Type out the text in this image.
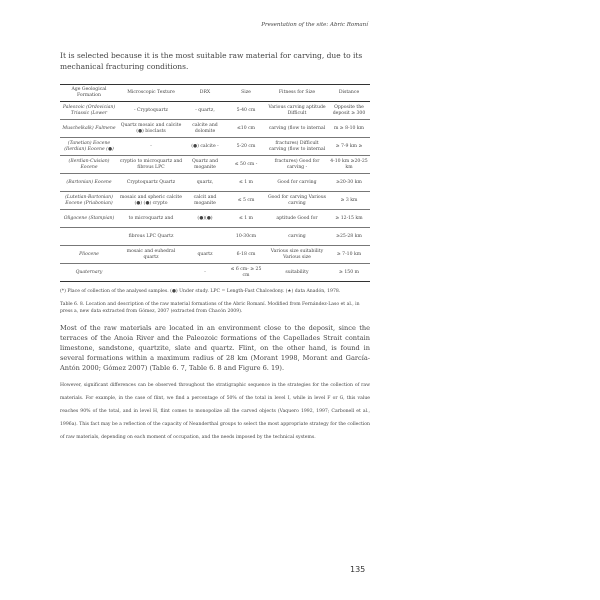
Presentation of the site: Abric Romaní
It is selected because it is the most suitable raw material for carving, due to its mechanical fracturing conditions.
Age Geological Formation	Microscopic Texture	DRX	Size	Fitness for Size	Distance
Paleozoic (Ordovician) Triassic (Lower	- Cryptoquartz	- quartz,	5-40 cm	Various carving aptitude Difficult	Opposite the deposit ≥ 300
Muschelkalk) Fulmene	Quartz mosaic and calcite (●) bioclasts	calcite and dolomite	≤10 cm	carving (flow to internal	m ≥ 8-10 km
(Tanetian) Eocene (Ilerdian) Eocene (●)	-	(●) calcite -	5-20 cm	fractures) Difficult carving (flow to internal	≥ 7-9 km ≥
(Ilerdian-Cuisian) Eocene	cryptio to microquartz and fibrous LPC	Quartz and moganite	≤ 50 cm -	fractures) Good for carving -	4-10 km ≥20-25 km
(Bartonian) Eocene	Cryptoquartz Quartz	quartz,	≤ 1 m	Good for carving	≥20-30 km
(Lutetian-Bartonian) Eocene (Priabonian)	mosaic and spheric calcite (●) (●) crypto	calcit and moganite	≤ 5 cm	Good for carving Various carving	≥ 3 km
Oligocene (Stampian)	to microquartz and	(●)(●)	≤ 1 m	aptitude Good for	≥ 12-15 km
	fibrous LPC Quartz		10-30cm	carving	≥25-28 km
Pliocene	mosaic and euhedral quartz	quartz	6-18 cm	Various size suitability Various size	≥ 7-10 km
Quaternary		-	≤ 6 cm- ≥ 25 cm	suitability	≥ 150 m
(*) Place of collection of the analysed samples. (●) Under study. LPC = Length-Fast Chalcedony. (★) data Anadón, 1978.
Table 6. 8. Location and description of the raw material formations of the Abric Romaní. Modified from Fernández-Laso et al., in press a, new data extracted from Gómez, 2007 (extracted from Chacón 2009).
Most of the raw materials are located in an environment close to the deposit, since the terraces of the Anoia River and the Paleozoic formations of the Capellades Strait contain limestone, sandstone, quartzite, slate and quartz. Flint, on the other hand, is found in several formations within a maximum radius of 28 km (Morant 1998, Morant and García-Antón 2000; Gómez 2007) (Table 6. 7, Table 6. 8 and Figure 6. 19).
However, significant differences can be observed throughout the stratigraphic sequence in the strategies for the collection of raw materials. For example, in the case of flint, we find a percentage of 50% of the total in level I, while in level F or G, this value reaches 90% of the total, and in level H, flint comes to monopolize all the carved objects (Vaquero 1992, 1997; Carbonell et al., 1996a). This fact may be a reflection of the capacity of Neanderthal groups to select the most appropriate strategy for the collection of raw materials, depending on each moment of occupation, and the needs imposed by the technical systems.
135
